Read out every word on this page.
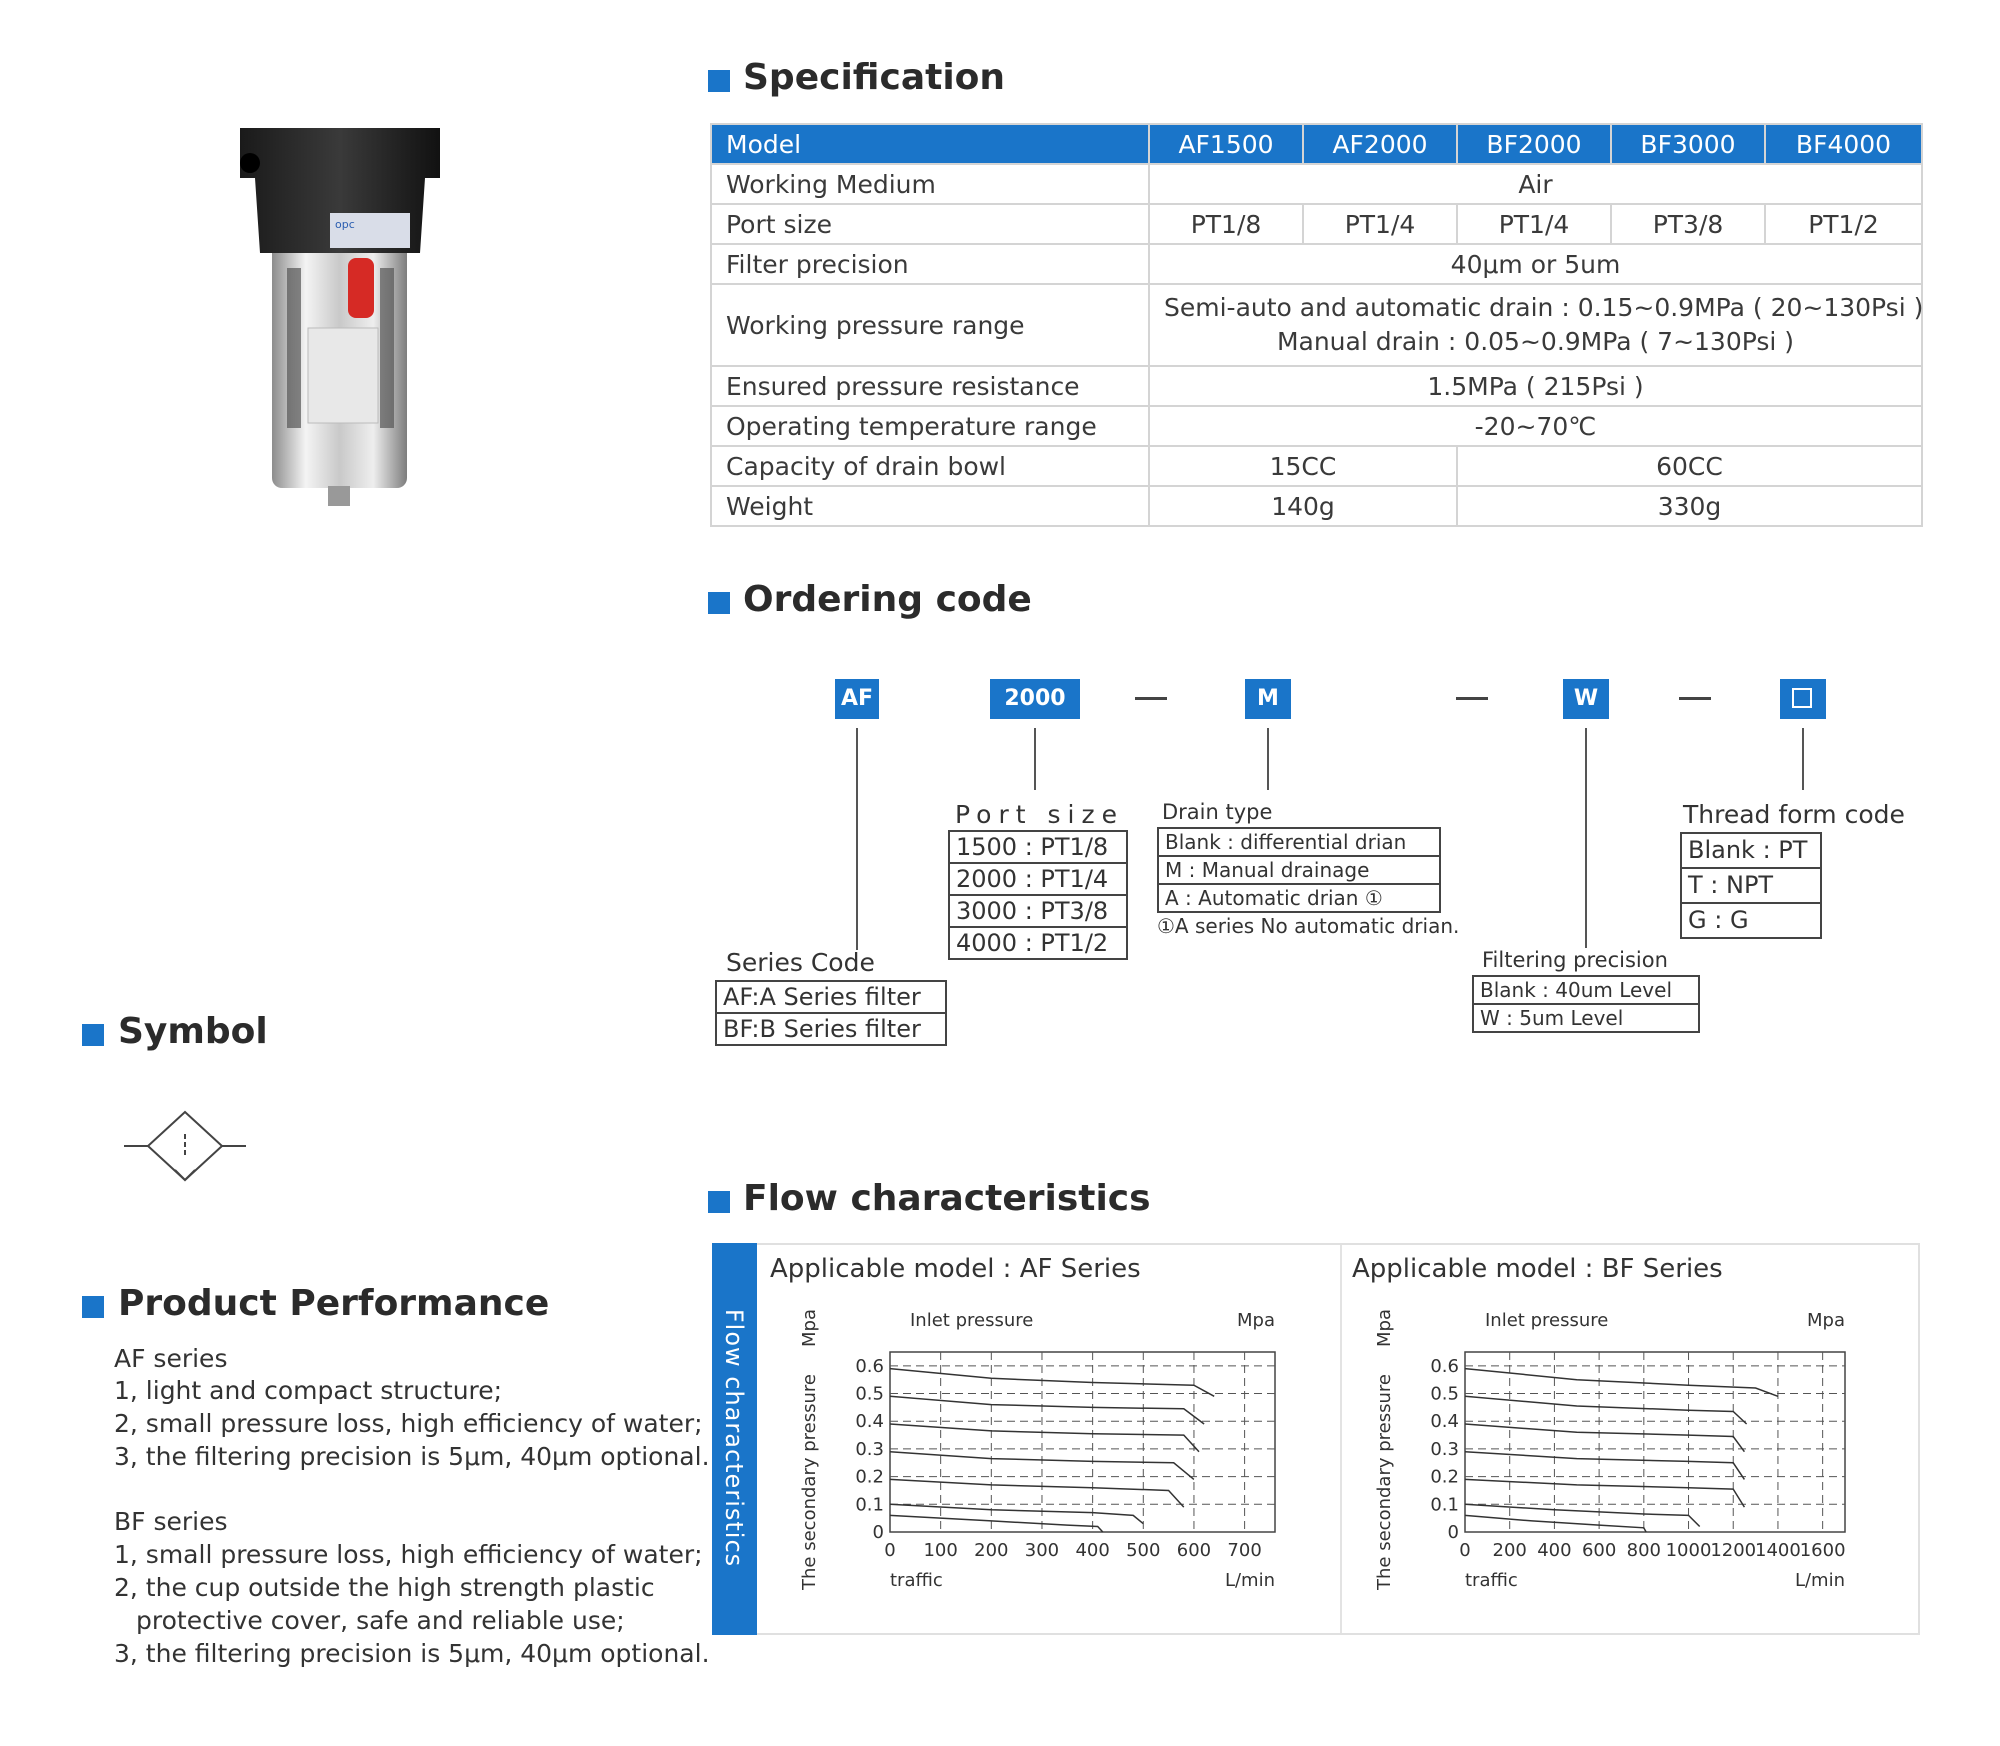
opc
Specification
Model	AF1500	AF2000	BF2000	BF3000	BF4000
Working Medium	Air				
Port size	PT1/8	PT1/4	PT1/4	PT3/8	PT1/2
Filter precision	40μm or 5um				
Working pressure range	Semi-auto and automatic drain : 0.15~0.9MPa ( 20~130Psi )
Manual drain : 0.05~0.9MPa ( 7~130Psi )				

Ensured pressure resistance	1.5MPa ( 215Psi )				
Operating temperature range	-20~70℃				
Capacity of drain bowl	15CC		60CC		
Weight	140g		330g		
Ordering code
AF	2000	M	W
Series Code
AF:A Series filter
BF:B Series filter
Port size
1500 : PT1/8
2000 : PT1/4
3000 : PT3/8
4000 : PT1/2
Drain type
Blank : differential drian
M : Manual drainage
A : Automatic drian ①
①A series No automatic drian.
Filtering precision
Blank : 40um Level
W : 5um Level
Thread form code
Blank : PT
T : NPT
G : G
Symbol
Product Performance
AF series
1, light and compact structure;
2, small pressure loss, high efficiency of water;
3, the filtering precision is 5μm, 40μm optional.
BF series
1, small pressure loss, high efficiency of water;
2, the cup outside the high strength plastic
protective cover, safe and reliable use;
3, the filtering precision is 5μm, 40μm optional.
Flow characteristics
Flow characteristics
Applicable model : AF Series	Applicable model : BF Series
0
0.1
0.2
0.3
0.4
0.5
0.6
0 100 200 300 400 500 600 700
Mpa
The secondary pressure
Inlet pressure	Mpa
traffic	L/min
0
0.1
0.2
0.3
0.4
0.5
0.6
0 200 400 600 800 1000
1200
1400
1600
Mpa
The secondary pressure
Inlet pressure	Mpa
traffic	L/min
